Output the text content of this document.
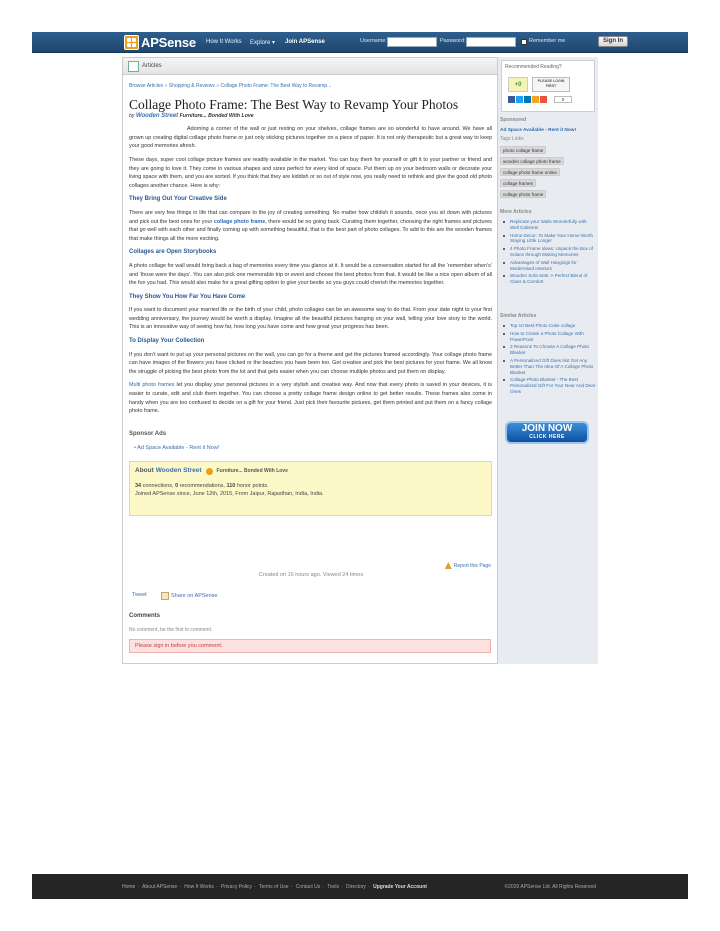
APSense How It Works Explore ▾ Join APSense	Username:	Password:	Remember me	Sign In
Articles
Browse Articles » Shopping & Reviews » Collage Photo Frame: The Best Way to Revamp...
Collage Photo Frame: The Best Way to Revamp Your Photos
by Wooden Street Furniture... Bonded With Love

Adorning a corner of the wall or just resting on your shelves, collage frames are so wonderful to have around. We have all grown up creating digital collage photo frame or just only sticking pictures together on a piece of paper. It is not only therapeutic but a great way to keep your good memories afresh.

These days, super cool collage picture frames are readily available in the market. You can buy them for yourself or gift it to your partner or friend and they are going to love it. They come in various shapes and sizes perfect for every kind of space. Put them up on your bedroom walls or decorate your living space with them, and you are sorted. If you think that they are kiddish or so out of style now, you really need to rethink and give the good old photo collages another chance. Here is why:

They Bring Out Your Creative Side

There are very few things in life that can compare to the joy of creating something. No matter how childish it sounds, once you sit down with pictures and pick out the best ones for your collage photo frame, there would be no going back. Curating them together, choosing the right frames and pictures that go well with each other and finally coming up with something beautiful, that is the best part of photo collages. To add to this are the wooden frames that make things all the more exciting.

Collages are Open Storybooks

A photo collage for wall would bring back a bag of memories every time you glance at it. It would be a conversation started for all the ‘remember when’s’ and ‘those were the days’. You can also pick one memorable trip or event and choose the best photos from that. It would be like a nice open album of all the fun you had. This would also make for a great gifting option to give your bestie so you guys could cherish the memories together.

They Show You How Far You Have Come

If you want to document your married life or the birth of your child, photo collages can be an awesome way to do that. From your date night to your first wedding anniversary, the journey would be worth a display. Imagine all the beautiful pictures hanging on your wall, telling your love story to the world. This is an innovative way of seeing how far, how long you have come and how great your progress has been.

To Display Your Collection

If you don’t want to put up your personal pictures on the wall, you can go for a theme and get the pictures framed accordingly. Your collage photo frame can have images of the flowers you have clicked or the beaches you have been too. Get creative and pick the best pictures for your frame. We all know the struggle of picking the best photo from the lot and that gets easier when you can choose multiple photos and put them on display.

Multi photo frames let you display your personal pictures in a very stylish and creative way. And now that every photo is saved in your devices, it is easier to curate, edit and club them together. You can choose a pretty collage frame design online to get better results. These frames also come in handy when you are too confused to decide on a gift for your friend. Just pick their favourite pictures, get them printed and put them on a fancy collage photo frame.

Sponsor Ads
• Ad Space Available - Rent it Now!
About Wooden Street	Furniture... Bonded With Love
34 connections, 0 recommendations, 110 honor points.
Joined APSense since, June 12th, 2015, From Jaipur, Rajasthan, India, India.
Report this Page
Created on 16 hours ago. Viewed 24 times
Tweet	Share on APSense
Comments
No comment, be the first to comment.
Please sign in before you comment.
Recommended Reading?
+0
PLEASE LOGIN FIRST
0
Sponsored
Ad Space Available - Rent it Now!
Tags Links
photo collage frame
wooden collage photo frame
collage photo frame online
collage frames
collage photo frame
More Articles
Replicate your Walls Wonderfully with Wall Cabinets
Home Decor: To Make Your Home Worth Staying Little Longer
4 Photo Frame Ideas: Unpack the Box of Solace through Making Memories
Advantages of Wall Hangings for Modernised Interiors
Wooden Sofa Sets: A Perfect Blend of Class & Comfort
Similar Articles
Top 10 Best Photo Cake collage
How to Create a Photo Collage With PowerPoint
3 Reasons To Choose A Collage Photo Blanket
A Personalized Gift Does Not Get Any Better Than The Idea Of A Collage Photo Blanket
Collage Photo Blanket - The Best Personalized Gift For Your Near And Dear Ones
JOIN NOW
CLICK HERE
Home - About APSense - How It Works - Privacy Policy - Terms of Use - Contact Us - Tools - Directory - Upgrade Your Account	©2020 APSense Ltd. All Rights Reserved
